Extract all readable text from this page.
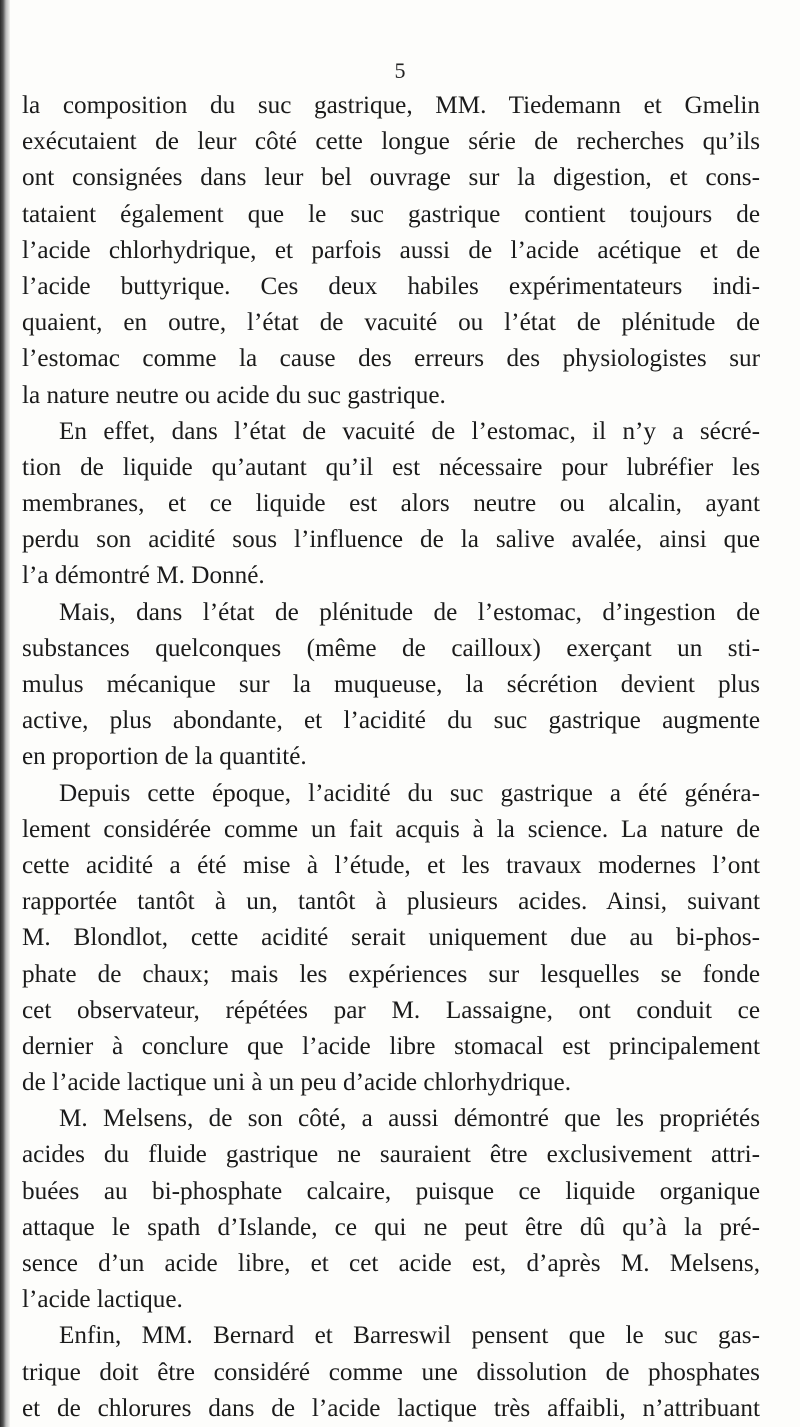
5
la composition du suc gastrique, MM. Tiedemann et Gmelin
exécutaient de leur côté cette longue série de recherches qu’ils
ont consignées dans leur bel ouvrage sur la digestion, et cons-
tataient également que le suc gastrique contient toujours de
l’acide chlorhydrique, et parfois aussi de l’acide acétique et de
l’acide buttyrique. Ces deux habiles expérimentateurs indi-
quaient, en outre, l’état de vacuité ou l’état de plénitude de
l’estomac comme la cause des erreurs des physiologistes sur
la nature neutre ou acide du suc gastrique.
En effet, dans l’état de vacuité de l’estomac, il n’y a sécré-
tion de liquide qu’autant qu’il est nécessaire pour lubréfier les
membranes, et ce liquide est alors neutre ou alcalin, ayant
perdu son acidité sous l’influence de la salive avalée, ainsi que
l’a démontré M. Donné.
Mais, dans l’état de plénitude de l’estomac, d’ingestion de
substances quelconques (même de cailloux) exerçant un sti-
mulus mécanique sur la muqueuse, la sécrétion devient plus
active, plus abondante, et l’acidité du suc gastrique augmente
en proportion de la quantité.
Depuis cette époque, l’acidité du suc gastrique a été généra-
lement considérée comme un fait acquis à la science. La nature de
cette acidité a été mise à l’étude, et les travaux modernes l’ont
rapportée tantôt à un, tantôt à plusieurs acides. Ainsi, suivant
M. Blondlot, cette acidité serait uniquement due au bi-phos-
phate de chaux; mais les expériences sur lesquelles se fonde
cet observateur, répétées par M. Lassaigne, ont conduit ce
dernier à conclure que l’acide libre stomacal est principalement
de l’acide lactique uni à un peu d’acide chlorhydrique.
M. Melsens, de son côté, a aussi démontré que les propriétés
acides du fluide gastrique ne sauraient être exclusivement attri-
buées au bi-phosphate calcaire, puisque ce liquide organique
attaque le spath d’Islande, ce qui ne peut être dû qu’à la pré-
sence d’un acide libre, et cet acide est, d’après M. Melsens,
l’acide lactique.
Enfin, MM. Bernard et Barreswil pensent que le suc gas-
trique doit être considéré comme une dissolution de phosphates
et de chlorures dans de l’acide lactique très affaibli, n’attribuant
